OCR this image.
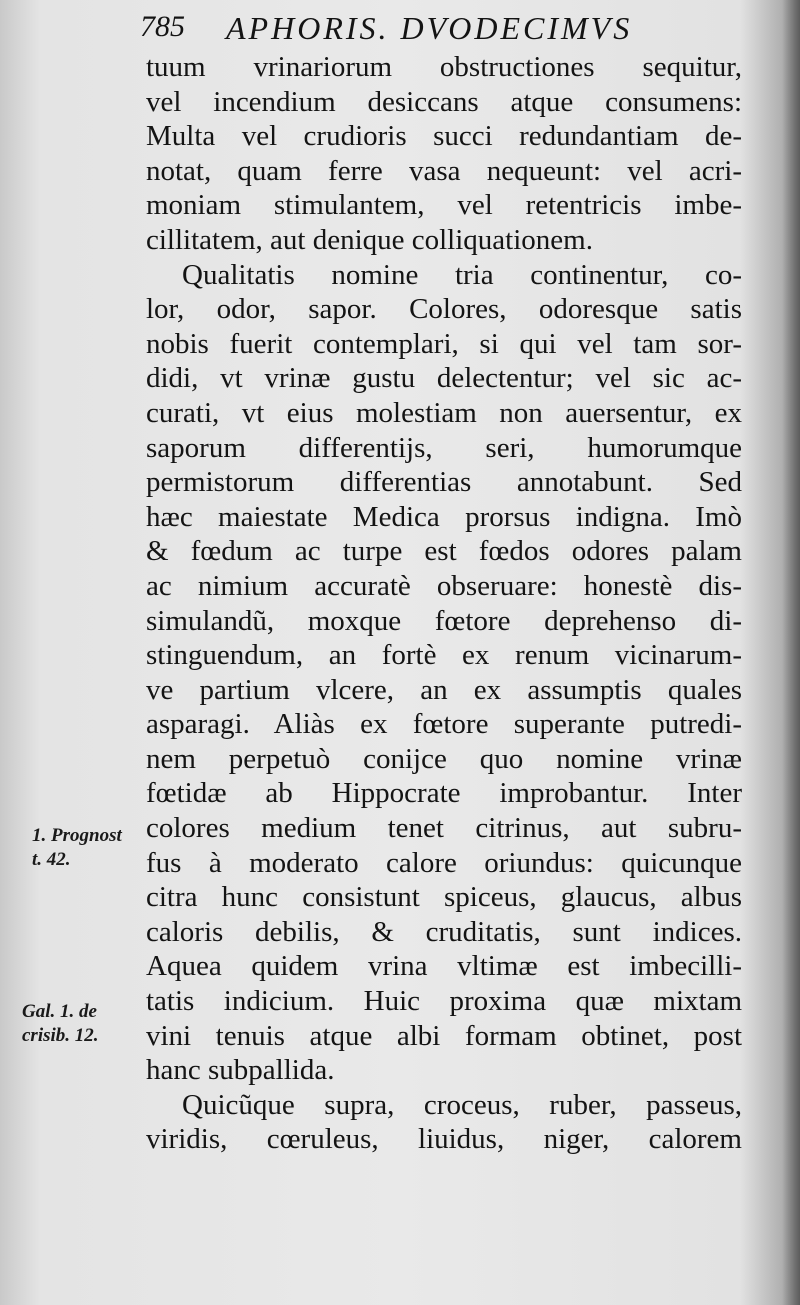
785 APHORIS. DVODECIMVS
tuum vrinariorum obstructiones sequitur,
vel incendium desiccans atque consumens:
Multa vel crudioris succi redundantiam de-
notat, quam ferre vasa nequeunt: vel acri-
moniam stimulantem, vel retentricis imbe-
cillitatem, aut denique colliquationem.
Qualitatis nomine tria continentur, co-
lor, odor, sapor. Colores, odoresque satis
nobis fuerit contemplari, si qui vel tam sor-
didi, vt vrinæ gustu delectentur; vel sic ac-
curati, vt eius molestiam non auersentur, ex
saporum differentijs, seri, humorumque
permistorum differentias annotabunt. Sed
hæc maiestate Medica prorsus indigna. Imò
& fœdum ac turpe est fœdos odores palam
ac nimium accuratè obseruare: honestè dis-
simulandũ, moxque fœtore deprehenso di-
stinguendum, an fortè ex renum vicinarum-
ve partium vlcere, an ex assumptis quales
asparagi. Aliàs ex fœtore superante putredi-
nem perpetuò conijce quo nomine vrinæ
fœtidæ ab Hippocrate improbantur. Inter
colores medium tenet citrinus, aut subru-
fus à moderato calore oriundus: quicunque
citra hunc consistunt spiceus, glaucus, albus
caloris debilis, & cruditatis, sunt indices.
Aquea quidem vrina vltimæ est imbecilli-
tatis indicium. Huic proxima quæ mixtam
vini tenuis atque albi formam obtinet, post
hanc subpallida.
Quicũque supra, croceus, ruber, passeus,
viridis, cœruleus, liuidus, niger, calorem
1. Prognost
t. 42.
Gal. 1. de
crisib. 12.
